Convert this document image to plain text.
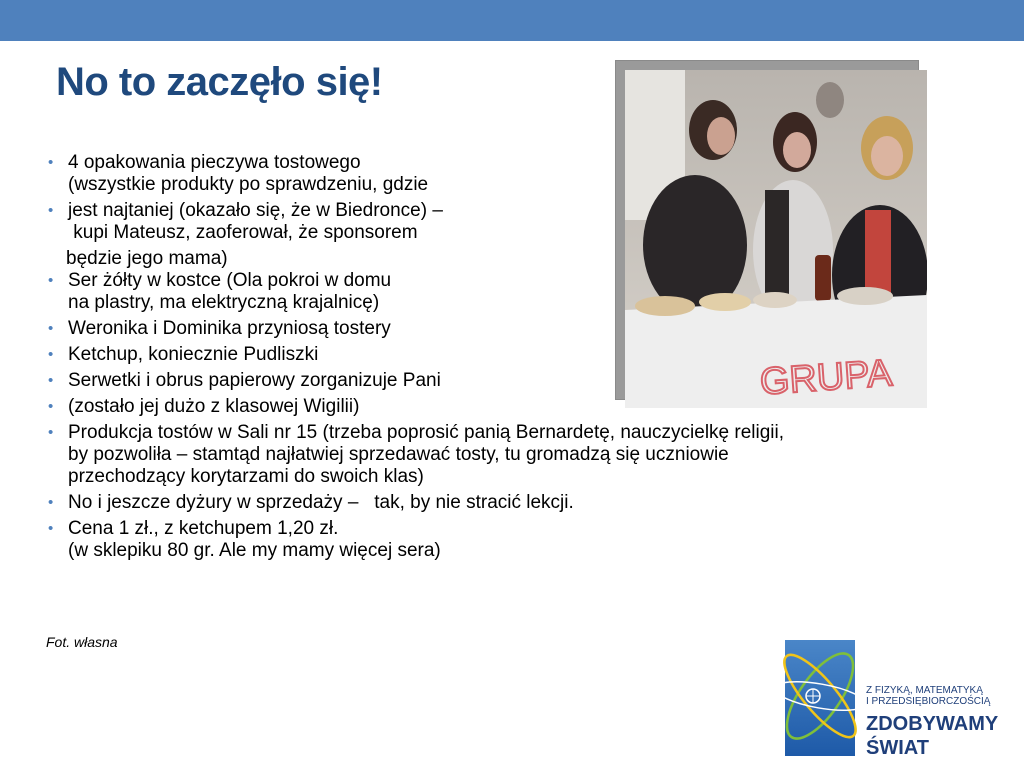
No to zaczęło się!
• 4 opakowania pieczywa tostowego
(wszystkie produkty po sprawdzeniu, gdzie
• jest najtaniej (okazało się, że w Biedronce) –
kupi Mateusz, zaoferował, że sponsorem
będzie jego mama)
• Ser żółty w kostce (Ola pokroi w domu
na plastry, ma elektryczną krajalnicę)
• Weronika i Dominika przyniosą tostery
• Ketchup, koniecznie Pudliszki
• Serwetki i obrus papierowy zorganizuje Pani
• (zostało jej dużo z klasowej Wigilii)
• Produkcja tostów w Sali nr 15 (trzeba poprosić panią Bernardetę, nauczycielkę religii,
by pozwoliła – stamtąd najłatwiej sprzedawać tosty, tu gromadzą się uczniowie
przechodzący korytarzami do swoich klas)
• No i jeszcze dyżury w sprzedaży –   tak, by nie stracić lekcji.
• Cena 1 zł., z ketchupem 1,20 zł.
(w sklepiku 80 gr. Ale my mamy więcej sera)
Fot. własna
GRUPA
Z FIZYKĄ, MATEMATYKĄ
I PRZEDSIĘBIORCZOŚCIĄ
ZDOBYWAMY
ŚWIAT
